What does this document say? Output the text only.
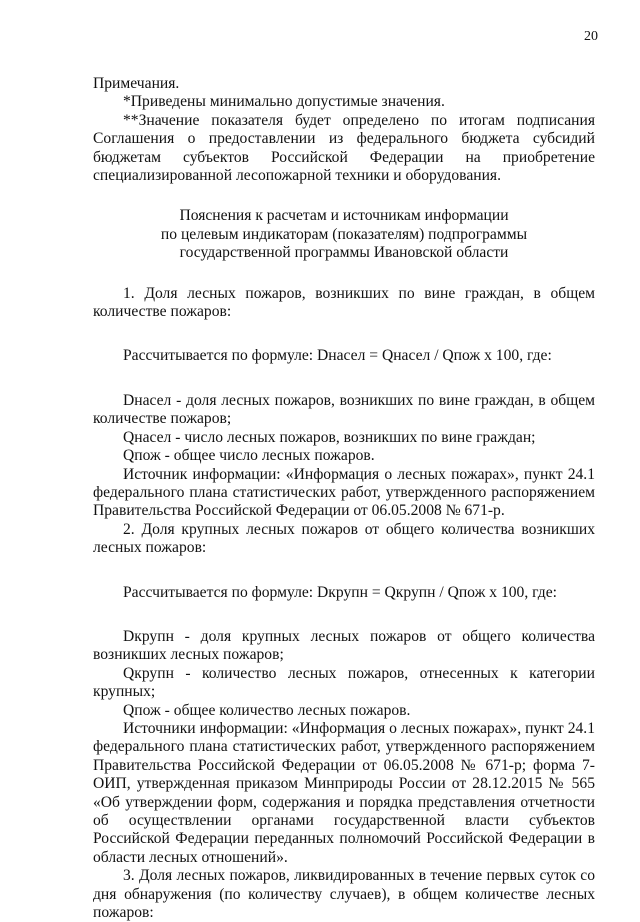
20

Примечания.

*Приведены минимально допустимые значения.

**Значение показателя будет определено по итогам подписания Соглашения о предоставлении из федерального бюджета субсидий бюджетам субъектов Российской Федерации на приобретение специализированной лесопожарной техники и оборудования.

Пояснения к расчетам и источникам информации

по целевым индикаторам (показателям) подпрограммы

государственной программы Ивановской области

1. Доля лесных пожаров, возникших по вине граждан, в общем количестве пожаров:

Рассчитывается по формуле: Dнасел = Qнасел / Qпож x 100, где:

Dнасел - доля лесных пожаров, возникших по вине граждан, в общем количестве пожаров;

Qнасел - число лесных пожаров, возникших по вине граждан;

Qпож - общее число лесных пожаров.

Источник информации: «Информация о лесных пожарах», пункт 24.1 федерального плана статистических работ, утвержденного распоряжением Правительства Российской Федерации от 06.05.2008 № 671-р.

2. Доля крупных лесных пожаров от общего количества возникших лесных пожаров:

Рассчитывается по формуле: Dкрупн = Qкрупн / Qпож x 100, где:

Dкрупн - доля крупных лесных пожаров от общего количества возникших лесных пожаров;

Qкрупн - количество лесных пожаров, отнесенных к категории крупных;

Qпож - общее количество лесных пожаров.

Источники информации: «Информация о лесных пожарах», пункт 24.1 федерального плана статистических работ, утвержденного распоряжением Правительства Российской Федерации от 06.05.2008 № 671-р; форма 7- ОИП, утвержденная приказом Минприроды России от 28.12.2015 № 565 «Об утверждении форм, содержания и порядка представления отчетности об осуществлении органами государственной власти субъектов Российской Федерации переданных полномочий Российской Федерации в области лесных отношений».

3. Доля лесных пожаров, ликвидированных в течение первых суток со дня обнаружения (по количеству случаев), в общем количестве лесных пожаров:
